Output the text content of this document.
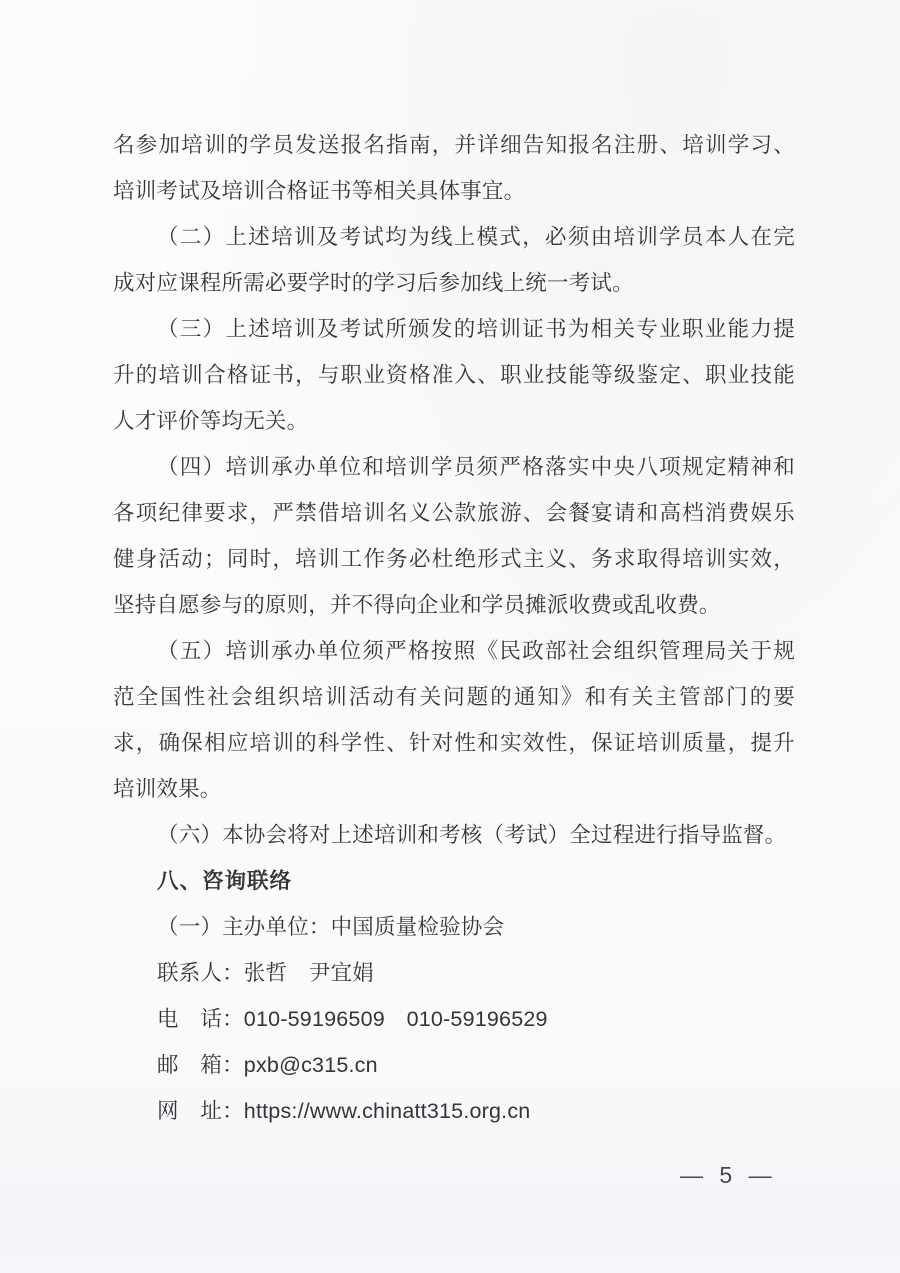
名参加培训的学员发送报名指南，并详细告知报名注册、培训学习、
培训考试及培训合格证书等相关具体事宜。
（二）上述培训及考试均为线上模式，必须由培训学员本人在完
成对应课程所需必要学时的学习后参加线上统一考试。
（三）上述培训及考试所颁发的培训证书为相关专业职业能力提
升的培训合格证书，与职业资格准入、职业技能等级鉴定、职业技能
人才评价等均无关。
（四）培训承办单位和培训学员须严格落实中央八项规定精神和
各项纪律要求，严禁借培训名义公款旅游、会餐宴请和高档消费娱乐
健身活动；同时，培训工作务必杜绝形式主义、务求取得培训实效，
坚持自愿参与的原则，并不得向企业和学员摊派收费或乱收费。
（五）培训承办单位须严格按照《民政部社会组织管理局关于规
范全国性社会组织培训活动有关问题的通知》和有关主管部门的要
求，确保相应培训的科学性、针对性和实效性，保证培训质量，提升
培训效果。
（六）本协会将对上述培训和考核（考试）全过程进行指导监督。
八、咨询联络
（一）主办单位：中国质量检验协会
联系人：张哲　尹宜娟
电　话：010-59196509　010-59196529
邮　箱：pxb@c315.cn
网　址：https://www.chinatt315.org.cn
— 5 —
